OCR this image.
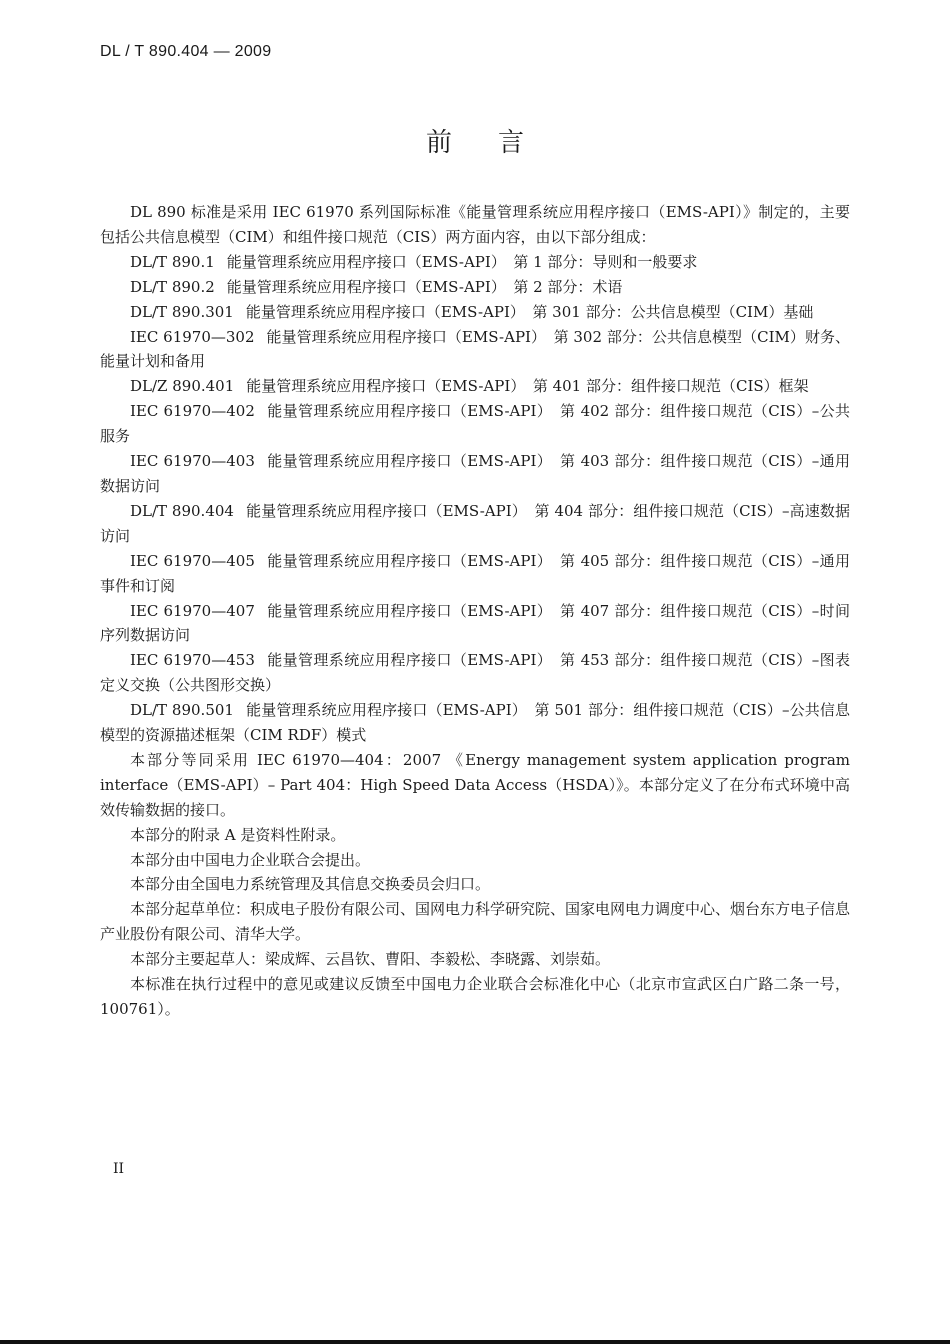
DL / T 890.404 — 2009
前言

DL 890 标准是采用 IEC 61970 系列国际标准《能量管理系统应用程序接口（EMS-API）》制定的，主要包括公共信息模型（CIM）和组件接口规范（CIS）两方面内容，由以下部分组成：

DL/T 890.1 能量管理系统应用程序接口（EMS-API）　第 1 部分：导则和一般要求

DL/T 890.2 能量管理系统应用程序接口（EMS-API）　第 2 部分：术语

DL/T 890.301 能量管理系统应用程序接口（EMS-API）　第 301 部分：公共信息模型（CIM）基础

IEC 61970—302 能量管理系统应用程序接口（EMS-API）　第 302 部分：公共信息模型（CIM）财务、能量计划和备用

DL/Z 890.401 能量管理系统应用程序接口（EMS-API）　第 401 部分：组件接口规范（CIS）框架

IEC 61970—402 能量管理系统应用程序接口（EMS-API）　第 402 部分：组件接口规范（CIS）–公共服务

IEC 61970—403 能量管理系统应用程序接口（EMS-API）　第 403 部分：组件接口规范（CIS）–通用数据访问

DL/T 890.404 能量管理系统应用程序接口（EMS-API）　第 404 部分：组件接口规范（CIS）–高速数据访问

IEC 61970—405 能量管理系统应用程序接口（EMS-API）　第 405 部分：组件接口规范（CIS）–通用事件和订阅

IEC 61970—407 能量管理系统应用程序接口（EMS-API）　第 407 部分：组件接口规范（CIS）–时间序列数据访问

IEC 61970—453 能量管理系统应用程序接口（EMS-API）　第 453 部分：组件接口规范（CIS）–图表定义交换（公共图形交换）

DL/T 890.501 能量管理系统应用程序接口（EMS-API）　第 501 部分：组件接口规范（CIS）–公共信息模型的资源描述框架（CIM RDF）模式

本部分等同采用 IEC 61970—404：2007 《Energy management system application program interface（EMS-API）– Part 404：High Speed Data Access（HSDA）》。本部分定义了在分布式环境中高效传输数据的接口。

本部分的附录 A 是资料性附录。

本部分由中国电力企业联合会提出。

本部分由全国电力系统管理及其信息交换委员会归口。

本部分起草单位：积成电子股份有限公司、国网电力科学研究院、国家电网电力调度中心、烟台东方电子信息产业股份有限公司、清华大学。

本部分主要起草人：梁成辉、云昌钦、曹阳、李毅松、李晓露、刘崇茹。

本标准在执行过程中的意见或建议反馈至中国电力企业联合会标准化中心（北京市宣武区白广路二条一号，100761）。

II
